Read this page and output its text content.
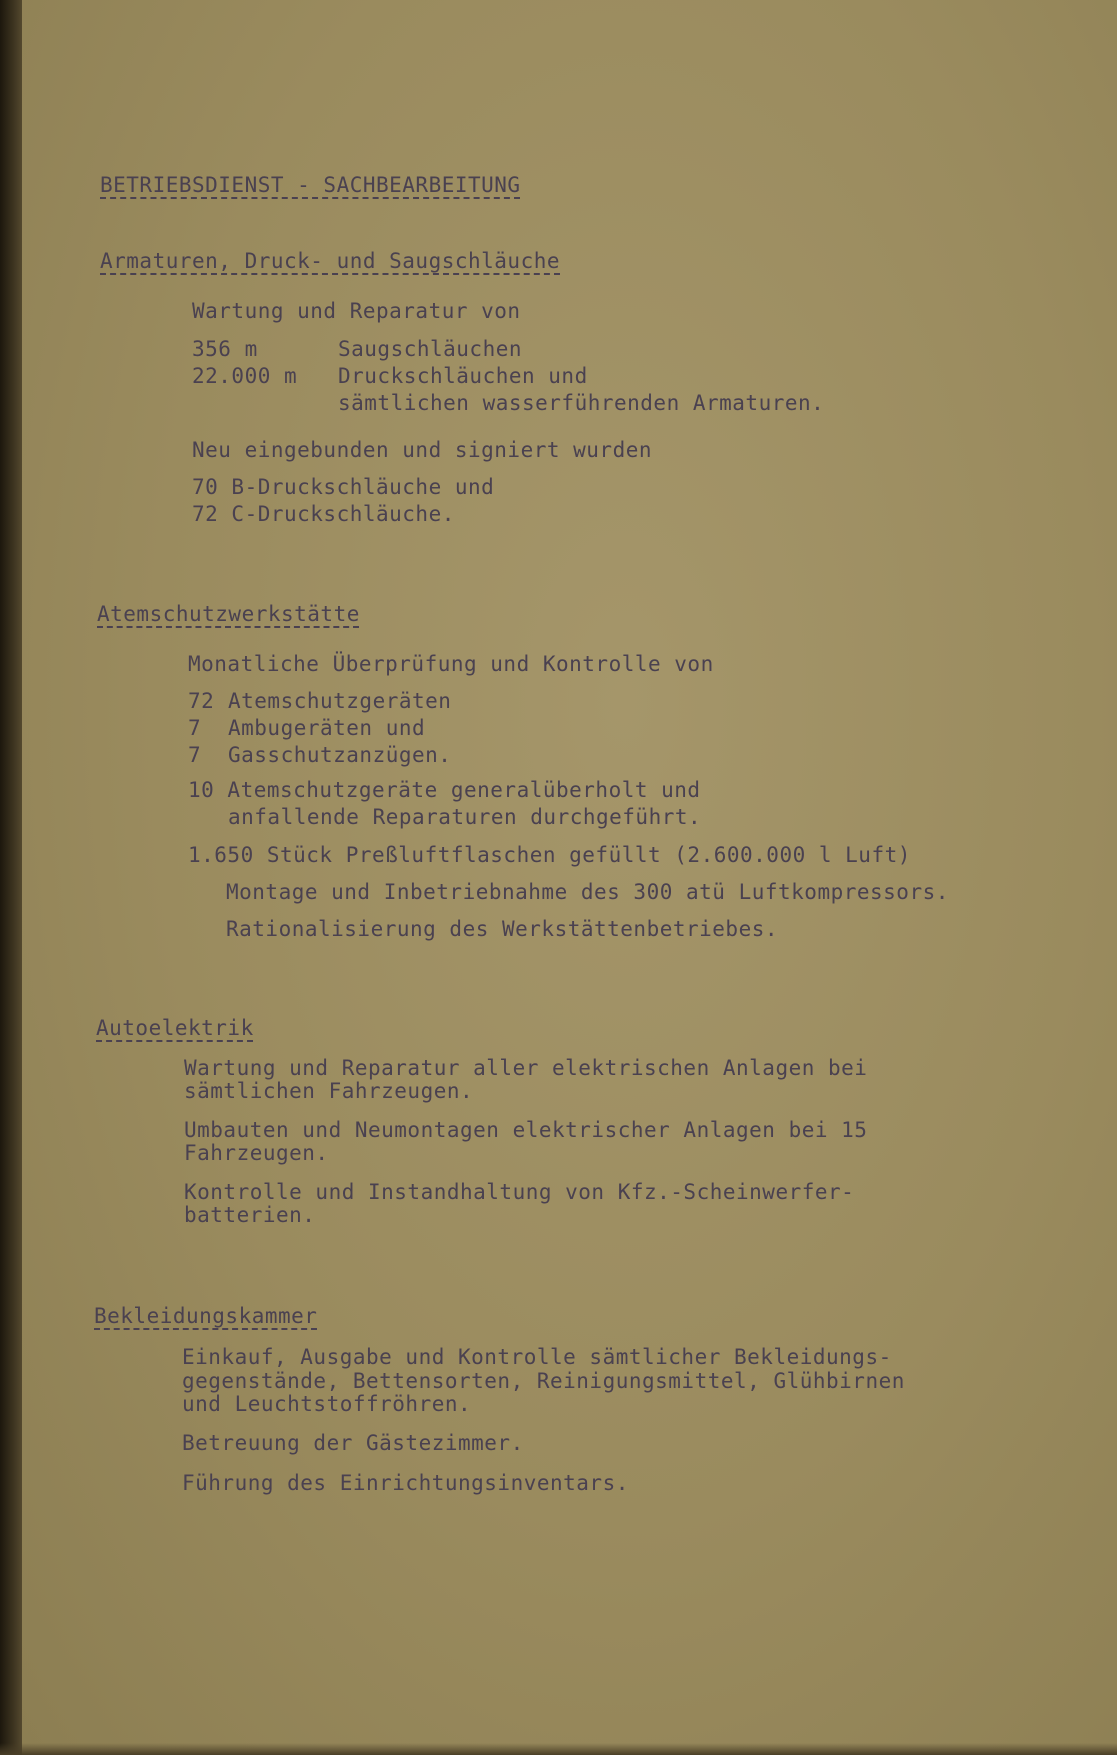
BETRIEBSDIENST - SACHBEARBEITUNG

Armaturen, Druck- und Saugschläuche

Wartung und Reparatur von

356 m	Saugschläuchen

22.000 m Druckschläuchen und

sämtlichen wasserführenden Armaturen.

Neu eingebunden und signiert wurden

70 B-Druckschläuche und

72 C-Druckschläuche.

Atemschutzwerkstätte

Monatliche Überprüfung und Kontrolle von

72 Atemschutzgeräten

7 Ambugeräten und

7 Gasschutzanzügen.

10 Atemschutzgeräte generalüberholt und

anfallende Reparaturen durchgeführt.

1.650 Stück Preßluftflaschen gefüllt (2.600.000 l Luft)

Montage und Inbetriebnahme des 300 atü Luftkompressors.

Rationalisierung des Werkstättenbetriebes.

Autoelektrik

Wartung und Reparatur aller elektrischen Anlagen bei

sämtlichen Fahrzeugen.

Umbauten und Neumontagen elektrischer Anlagen bei 15

Fahrzeugen.

Kontrolle und Instandhaltung von Kfz.-Scheinwerfer-

batterien.

Bekleidungskammer

Einkauf, Ausgabe und Kontrolle sämtlicher Bekleidungs-

gegenstände, Bettensorten, Reinigungsmittel, Glühbirnen

und Leuchtstoffröhren.

Betreuung der Gästezimmer.

Führung des Einrichtungsinventars.
